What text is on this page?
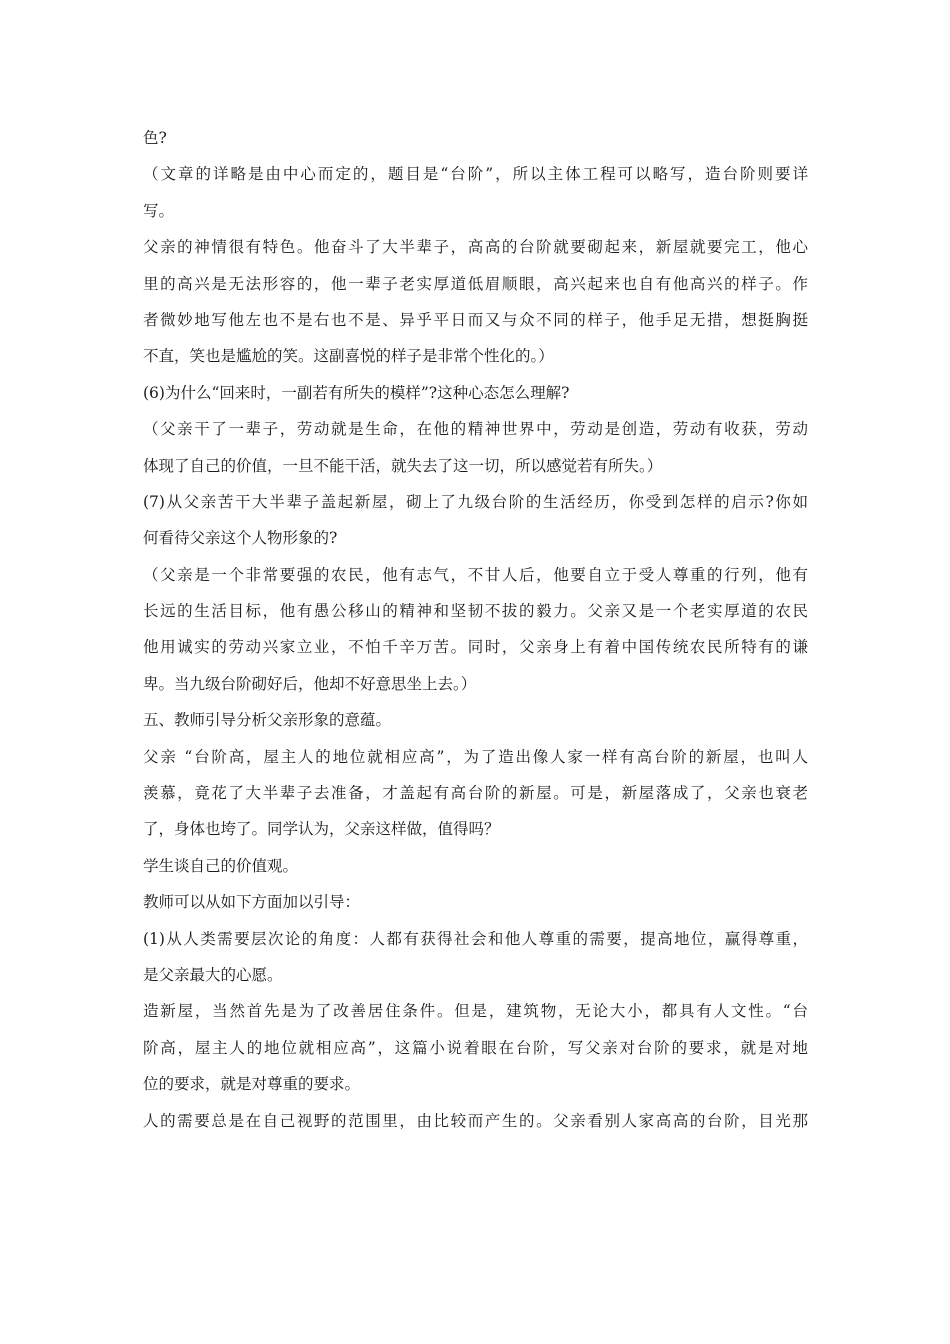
色?
（文章的详略是由中心而定的，题目是“台阶”，所以主体工程可以略写，造台阶则要详
写。
父亲的神情很有特色。他奋斗了大半辈子，高高的台阶就要砌起来，新屋就要完工，他心
里的高兴是无法形容的，他一辈子老实厚道低眉顺眼，高兴起来也自有他高兴的样子。作
者微妙地写他左也不是右也不是、异乎平日而又与众不同的样子，他手足无措，想挺胸挺
不直，笑也是尴尬的笑。这副喜悦的样子是非常个性化的。）
(6)为什么“回来时，一副若有所失的模样”?这种心态怎么理解?
（父亲干了一辈子，劳动就是生命，在他的精神世界中，劳动是创造，劳动有收获，劳动
体现了自己的价值，一旦不能干活，就失去了这一切，所以感觉若有所失。）
(7)从父亲苦干大半辈子盖起新屋，砌上了九级台阶的生活经历，你受到怎样的启示?你如
何看待父亲这个人物形象的?
（父亲是一个非常要强的农民，他有志气，不甘人后，他要自立于受人尊重的行列，他有
长远的生活目标，他有愚公移山的精神和坚韧不拔的毅力。父亲又是一个老实厚道的农民
他用诚实的劳动兴家立业，不怕千辛万苦。同时，父亲身上有着中国传统农民所特有的谦
卑。当九级台阶砌好后，他却不好意思坐上去。）
五、教师引导分析父亲形象的意蕴。
父亲 “台阶高，屋主人的地位就相应高”，为了造出像人家一样有高台阶的新屋，也叫人
羡慕，竟花了大半辈子去准备，才盖起有高台阶的新屋。可是，新屋落成了，父亲也衰老
了，身体也垮了。同学认为，父亲这样做，值得吗？
学生谈自己的价值观。
教师可以从如下方面加以引导：
(1)从人类需要层次论的角度：人都有获得社会和他人尊重的需要，提高地位，赢得尊重，
是父亲最大的心愿。
造新屋，当然首先是为了改善居住条件。但是，建筑物，无论大小，都具有人文性。“台
阶高，屋主人的地位就相应高”，这篇小说着眼在台阶，写父亲对台阶的要求，就是对地
位的要求，就是对尊重的要求。
人的需要总是在自己视野的范围里，由比较而产生的。父亲看别人家高高的台阶，目光那
